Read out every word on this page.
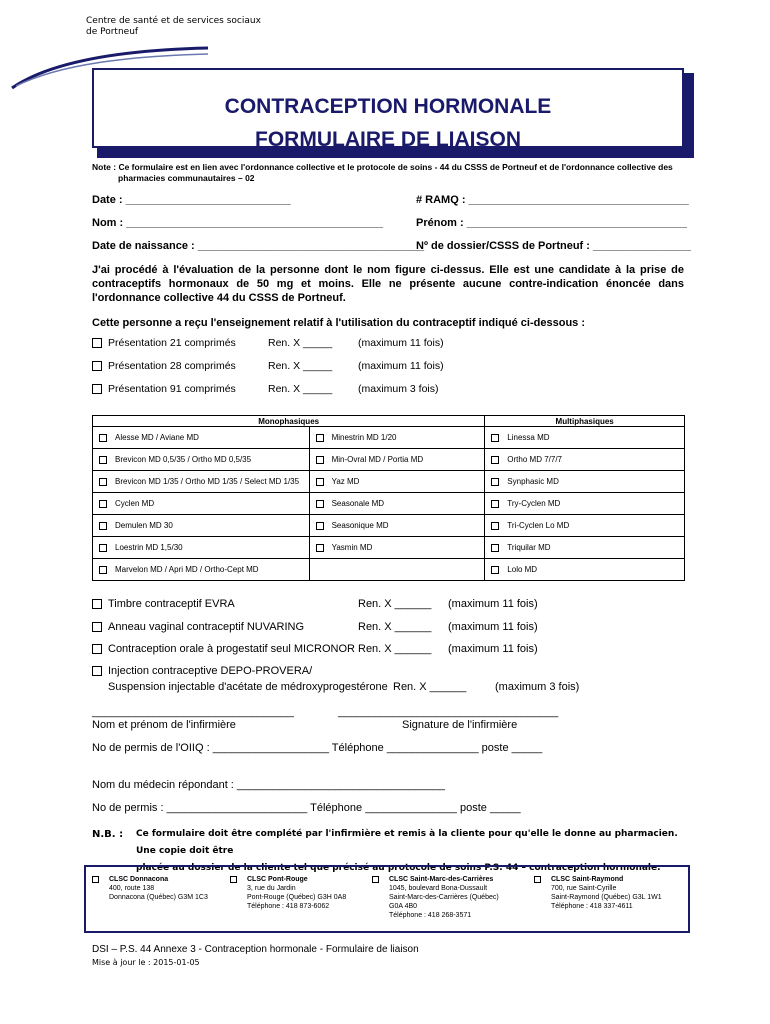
Centre de santé et de services sociaux
de Portneuf
CONTRACEPTION HORMONALE
FORMULAIRE DE LIAISON
Note : Ce formulaire est en lien avec l'ordonnance collective et le protocole de soins - 44 du CSSS de Portneuf et de l'ordonnance collective des
pharmacies communautaires – 02
Date : ___________________________	# RAMQ : ____________________________________
Nom : __________________________________________	Prénom : ____________________________________
Date de naissance : _____________________________________
Nº de dossier/CSSS de Portneuf : ________________
J'ai procédé à l'évaluation de la personne dont le nom figure ci-dessus. Elle est une candidate à la prise de contraceptifs hormonaux de 50 mg et moins. Elle ne présente aucune contre-indication énoncée dans l'ordonnance collective 44 du CSSS de Portneuf.
Cette personne a reçu l'enseignement relatif à l'utilisation du contraceptif indiqué ci-dessous :
Présentation 21 comprimés	Ren. X _____ (maximum 11 fois)
Présentation 28 comprimés	Ren. X _____ (maximum 11 fois)
Présentation 91 comprimés	Ren. X _____ (maximum 3 fois)
Monophasiques		Multiphasiques
Alesse MD / Aviane MD	Minestrin MD 1/20	Linessa MD
Brevicon MD 0,5/35 / Ortho MD 0,5/35	Min-Ovral MD / Portia MD	Ortho MD 7/7/7
Brevicon MD 1/35 / Ortho MD 1/35 / Select MD 1/35	Yaz MD	Synphasic MD
Cyclen MD	Seasonale MD	Try-Cyclen MD
Demulen MD 30	Seasonique MD	Tri-Cyclen Lo MD
Loestrin MD 1,5/30	Yasmin MD	Triquilar MD
Marvelon MD / Apri MD / Ortho-Cept MD		Lolo MD
Timbre contraceptif EVRA	Ren. X ______ (maximum 11 fois)
Anneau vaginal contraceptif NUVARING	Ren. X ______ (maximum 11 fois)
Contraception orale à progestatif seul MICRONOR Ren. X ______ (maximum 11 fois)
Injection contraceptive DEPO-PROVERA/
Suspension injectable d'acétate de médroxyprogestérone Ren. X ______	(maximum 3 fois)
_________________________________	____________________________________
Nom et prénom de l'infirmière	Signature de l'infirmière
No de permis de l'OIIQ : ___________________ Téléphone _______________ poste _____
Nom du médecin répondant : __________________________________
No de permis : _______________________ Téléphone _______________ poste _____
N.B. :	Ce formulaire doit être complété par l'infirmière et remis à la cliente pour qu'elle le donne au pharmacien. Une copie doit être
placée au dossier de la cliente tel que précisé au protocole de soins P.S. 44 – contraception hormonale.
CLSC Donnacona
400, route 138
Donnacona (Québec) G3M 1C3
CLSC Pont-Rouge
3, rue du Jardin
Pont-Rouge (Québec) G3H 0A8
Téléphone : 418 873-6062
CLSC Saint-Marc-des-Carrières
1045, boulevard Bona-Dussault
Saint-Marc-des-Carrières (Québec)
G0A 4B0
Téléphone : 418 268-3571
CLSC Saint-Raymond
700, rue Saint-Cyrille
Saint-Raymond (Québec) G3L 1W1
Téléphone : 418 337-4611
DSI – P.S. 44 Annexe 3 - Contraception hormonale - Formulaire de liaison
Mise à jour le : 2015-01-05
